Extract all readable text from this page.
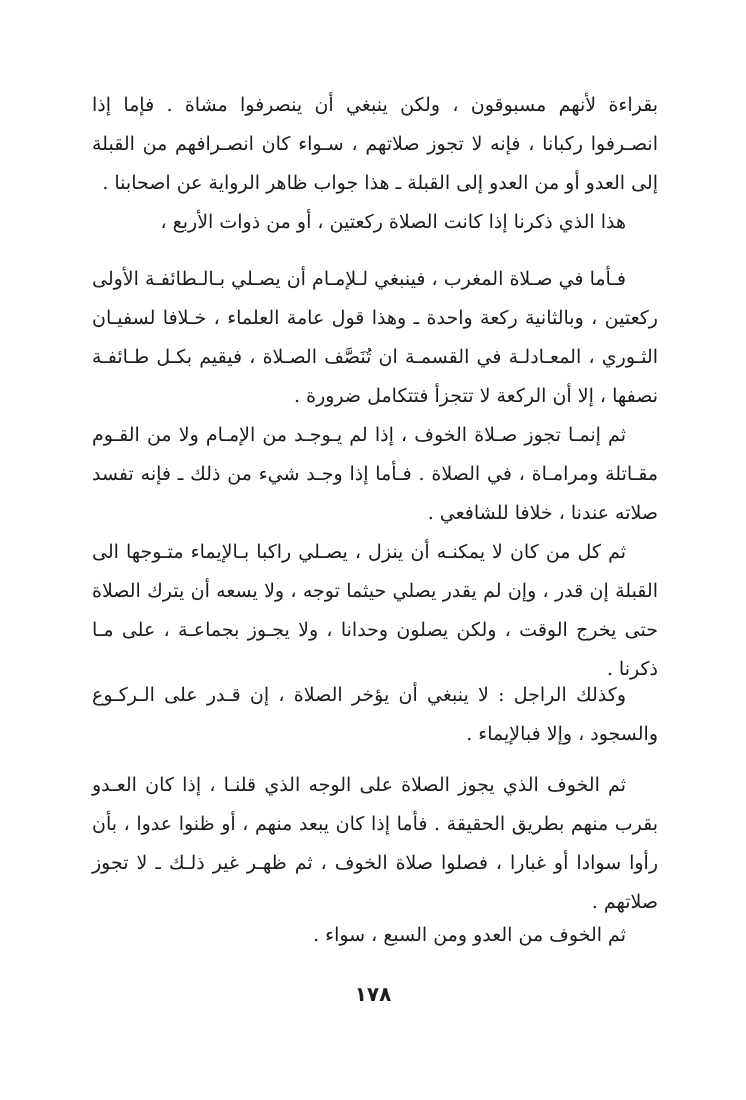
بقراءة لأنهم مسبوقون ، ولكن ينبغي أن ينصرفوا مشاة . فإما إذا انصـرفوا ركبانا ، فإنه لا تجوز صلاتهم ، سـواء كان انصـرافهم من القبلة إلى العدو أو من العدو إلى القبلة ـ هذا جواب ظاهر الرواية عن اصحابنا .

هذا الذي ذكرنا إذا كانت الصلاة ركعتين ، أو من ذوات الأربع ،

فـأما في صـلاة المغرب ، فينبغي لـلإمـام أن يصـلي بـالـطائفـة الأولى ركعتين ، وبالثانية ركعة واحدة ـ وهذا قول عامة العلماء ، خـلافا لسفيـان الثـوري ، المعـادلـة في القسمـة ان تُنَصَّف الصـلاة ، فيقيم بكـل طـائفـة نصفها ، إلا أن الركعة لا تتجزأ فتتكامل ضرورة .

ثم إنمـا تجوز صـلاة الخوف ، إذا لم يـوجـد من الإمـام ولا من القـوم مقـاتلة ومرامـاة ، في الصلاة . فـأما إذا وجـد شيء من ذلك ـ فإنه تفسد صلاته عندنا ، خلافا للشافعي .

ثم كل من كان لا يمكنـه أن ينزل ، يصـلي راكبا بـالإيماء متـوجها الى القبلة إن قدر ، وإن لم يقدر يصلي حيثما توجه ، ولا يسعه أن يترك الصلاة حتى يخرج الوقت ، ولكن يصلون وحدانا ، ولا يجـوز بجماعـة ، على مـا ذكرنا .

وكذلك الراجل : لا ينبغي أن يؤخر الصلاة ، إن قـدر على الـركـوع والسجود ، وإلا فبالإيماء .

ثم الخوف الذي يجوز الصلاة على الوجه الذي قلنـا ، إذا كان العـدو بقرب منهم بطريق الحقيقة . فأما إذا كان يبعد منهم ، أو ظنوا عدوا ، بأن رأوا سوادا أو غبارا ، فصلوا صلاة الخوف ، ثم ظهـر غير ذلـك ـ لا تجوز صلاتهم .

ثم الخوف من العدو ومن السبع ، سواء .

١٧٨
